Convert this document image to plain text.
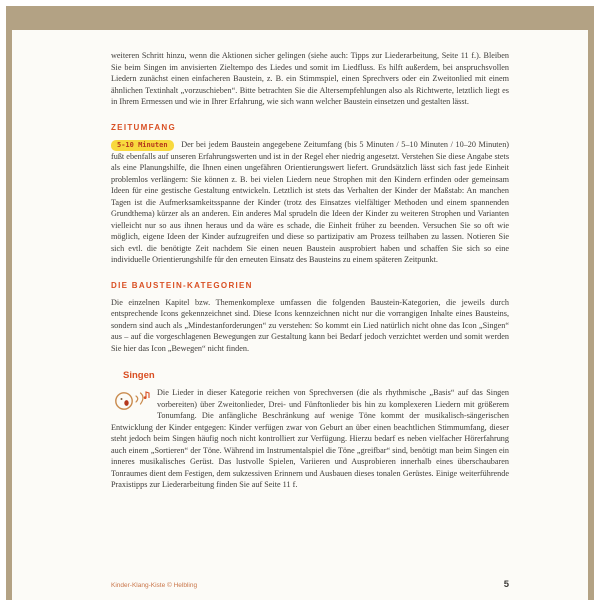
weiteren Schritt hinzu, wenn die Aktionen sicher gelingen (siehe auch: Tipps zur Liederarbeitung, Seite 11 f.). Bleiben Sie beim Singen im anvisierten Zieltempo des Liedes und somit im Liedfluss. Es hilft außerdem, bei anspruchsvollen Liedern zunächst einen einfacheren Baustein, z. B. ein Stimmspiel, einen Sprechvers oder ein Zweitonlied mit einem ähnlichen Textinhalt „vorzuschieben“. Bitte betrachten Sie die Altersempfehlungen also als Richtwerte, letztlich liegt es in Ihrem Ermessen und wie in Ihrer Erfahrung, wie sich wann welcher Baustein einsetzen und gestalten lässt.

ZEITUMFANG

5-10 Minuten Der bei jedem Baustein angegebene Zeitumfang (bis 5 Minuten / 5–10 Minuten / 10–20 Minuten) fußt ebenfalls auf unseren Erfahrungswerten und ist in der Regel eher niedrig angesetzt. Verstehen Sie diese Angabe stets als eine Planungshilfe, die Ihnen einen ungefähren Orientierungswert liefert. Grundsätzlich lässt sich fast jede Einheit problemlos verlängern: Sie können z. B. bei vielen Liedern neue Strophen mit den Kindern erfinden oder gemeinsam Ideen für eine gestische Gestaltung entwickeln. Letztlich ist stets das Verhalten der Kinder der Maßstab: An manchen Tagen ist die Aufmerksamkeitsspanne der Kinder (trotz des Einsatzes vielfältiger Methoden und einem spannenden Grundthema) kürzer als an anderen. Ein anderes Mal sprudeln die Ideen der Kinder zu weiteren Strophen und Varianten vielleicht nur so aus ihnen heraus und da wäre es schade, die Einheit früher zu beenden. Versuchen Sie so oft wie möglich, eigene Ideen der Kinder aufzugreifen und diese so partizipativ am Prozess teilhaben zu lassen. Notieren Sie sich evtl. die benötigte Zeit nachdem Sie einen neuen Baustein ausprobiert haben und schaffen Sie sich so eine individuelle Orientierungshilfe für den erneuten Einsatz des Bausteins zu einem späteren Zeitpunkt.

DIE BAUSTEIN-KATEGORIEN

Die einzelnen Kapitel bzw. Themenkomplexe umfassen die folgenden Baustein-Kategorien, die jeweils durch entsprechende Icons gekennzeichnet sind. Diese Icons kennzeichnen nicht nur die vorrangigen Inhalte eines Bausteins, sondern sind auch als „Mindestanforderungen“ zu verstehen: So kommt ein Lied natürlich nicht ohne das Icon „Singen“ aus – auf die vorgeschlagenen Bewegungen zur Gestaltung kann bei Bedarf jedoch verzichtet werden und somit werden Sie hier das Icon „Bewegen“ nicht finden.

Singen

Die Lieder in dieser Kategorie reichen von Sprechversen (die als rhythmische „Basis“ auf das Singen vorbereiten) über Zweitonlieder, Drei- und Fünftonlieder bis hin zu komplexeren Liedern mit größerem Tonumfang. Die anfängliche Beschränkung auf wenige Töne kommt der musikalisch-sängerischen Entwicklung der Kinder entgegen: Kinder verfügen zwar von Geburt an über einen beachtlichen Stimmumfang, dieser steht jedoch beim Singen häufig noch nicht kontrolliert zur Verfügung. Hierzu bedarf es neben vielfacher Hörerfahrung auch einem „Sortieren“ der Töne. Während im Instrumentalspiel die Töne „greifbar“ sind, benötigt man beim Singen ein inneres musikalisches Gerüst. Das lustvolle Spielen, Variieren und Ausprobieren innerhalb eines überschaubaren Tonraumes dient dem Festigen, dem sukzessiven Erinnern und Ausbauen dieses tonalen Gerüstes. Einige weiterführende Praxistipps zur Liederarbeitung finden Sie auf Seite 11 f.

Kinder-Klang-Kiste © Helbling	5
